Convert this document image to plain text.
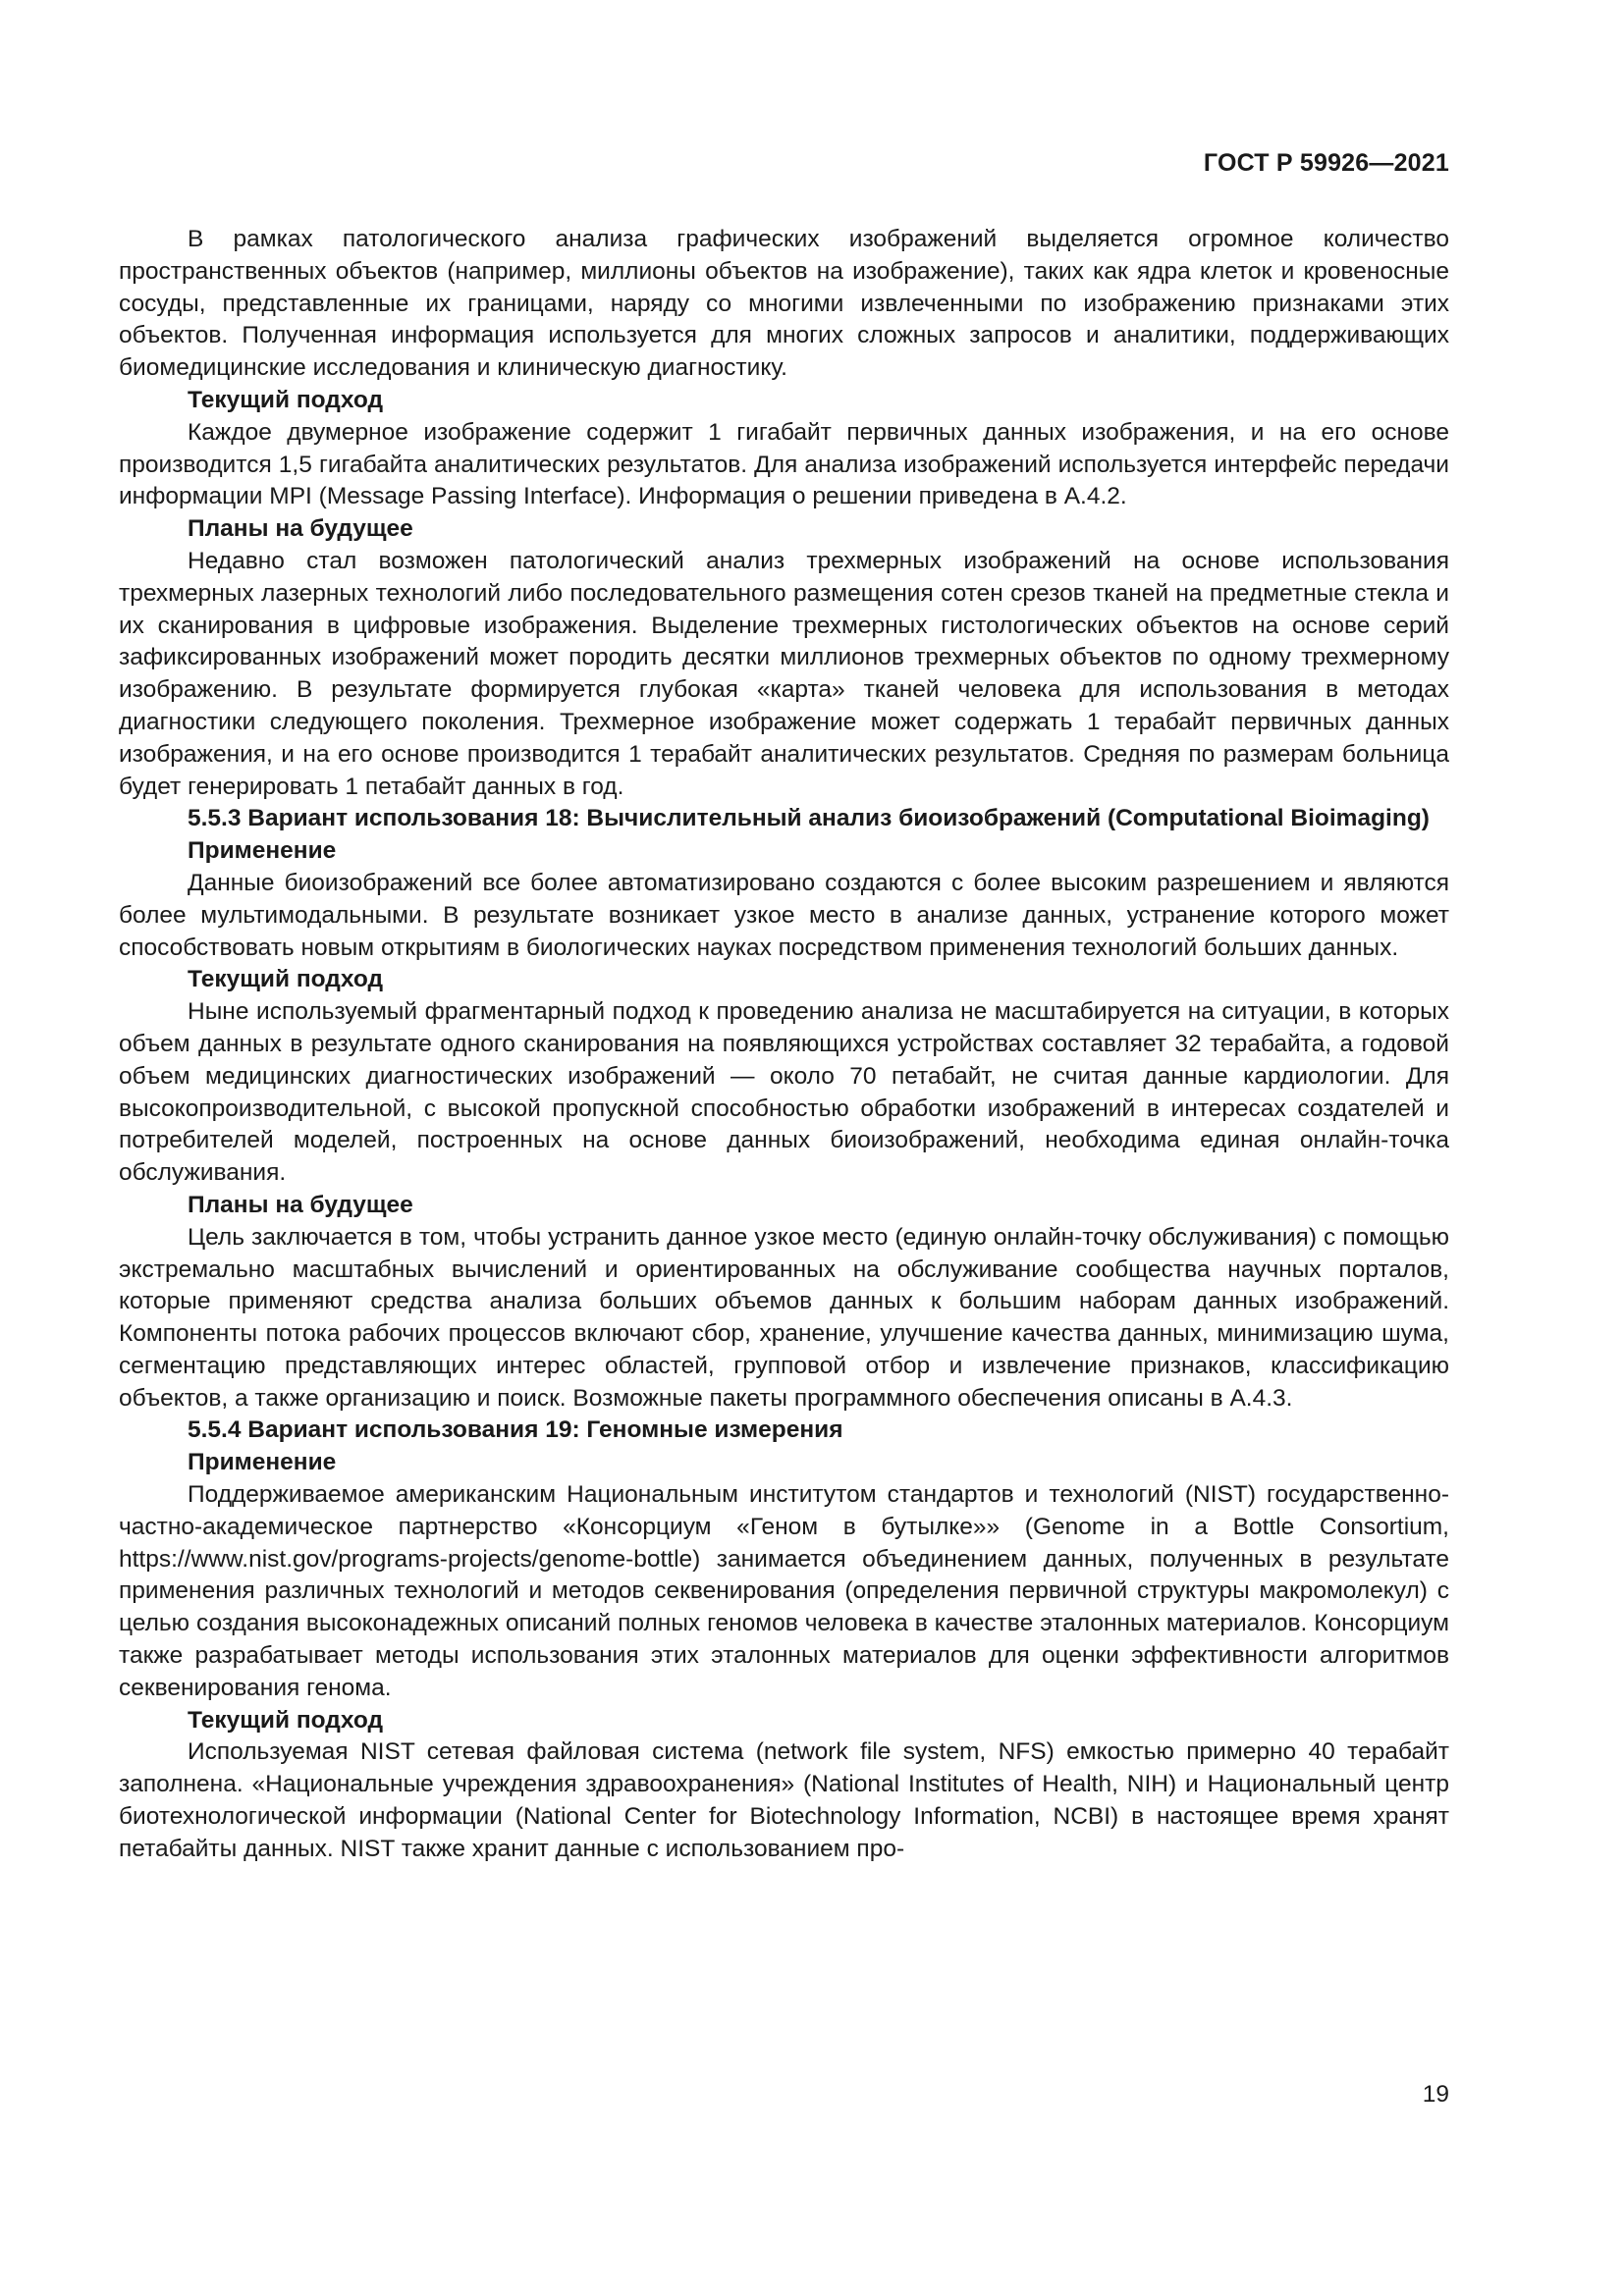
ГОСТ Р 59926—2021

В рамках патологического анализа графических изображений выделяется огромное количество пространственных объектов (например, миллионы объектов на изображение), таких как ядра клеток и кровеносные сосуды, представленные их границами, наряду со многими извлеченными по изображению признаками этих объектов. Полученная информация используется для многих сложных запросов и аналитики, поддерживающих биомедицинские исследования и клиническую диагностику.

Текущий подход

Каждое двумерное изображение содержит 1 гигабайт первичных данных изображения, и на его основе производится 1,5 гигабайта аналитических результатов. Для анализа изображений используется интерфейс передачи информации MPI (Message Passing Interface). Информация о решении приведена в А.4.2.

Планы на будущее

Недавно стал возможен патологический анализ трехмерных изображений на основе использования трехмерных лазерных технологий либо последовательного размещения сотен срезов тканей на предметные стекла и их сканирования в цифровые изображения. Выделение трехмерных гистологических объектов на основе серий зафиксированных изображений может породить десятки миллионов трехмерных объектов по одному трехмерному изображению. В результате формируется глубокая «карта» тканей человека для использования в методах диагностики следующего поколения. Трехмерное изображение может содержать 1 терабайт первичных данных изображения, и на его основе производится 1 терабайт аналитических результатов. Средняя по размерам больница будет генерировать 1 петабайт данных в год.

5.5.3 Вариант использования 18: Вычислительный анализ биоизображений (Computational Bioimaging)

Применение

Данные биоизображений все более автоматизировано создаются с более высоким разрешением и являются более мультимодальными. В результате возникает узкое место в анализе данных, устранение которого может способствовать новым открытиям в биологических науках посредством применения технологий больших данных.

Текущий подход

Ныне используемый фрагментарный подход к проведению анализа не масштабируется на ситуации, в которых объем данных в результате одного сканирования на появляющихся устройствах составляет 32 терабайта, а годовой объем медицинских диагностических изображений — около 70 петабайт, не считая данные кардиологии. Для высокопроизводительной, с высокой пропускной способностью обработки изображений в интересах создателей и потребителей моделей, построенных на основе данных биоизображений, необходима единая онлайн-точка обслуживания.

Планы на будущее

Цель заключается в том, чтобы устранить данное узкое место (единую онлайн-точку обслуживания) с помощью экстремально масштабных вычислений и ориентированных на обслуживание сообщества научных порталов, которые применяют средства анализа больших объемов данных к большим наборам данных изображений. Компоненты потока рабочих процессов включают сбор, хранение, улучшение качества данных, минимизацию шума, сегментацию представляющих интерес областей, групповой отбор и извлечение признаков, классификацию объектов, а также организацию и поиск. Возможные пакеты программного обеспечения описаны в А.4.3.

5.5.4 Вариант использования 19: Геномные измерения

Применение

Поддерживаемое американским Национальным институтом стандартов и технологий (NIST) государственно-частно-академическое партнерство «Консорциум «Геном в бутылке»» (Genome in a Bottle Consortium, https://www.nist.gov/programs-projects/genome-bottle) занимается объединением данных, полученных в результате применения различных технологий и методов секвенирования (определения первичной структуры макромолекул) с целью создания высоконадежных описаний полных геномов человека в качестве эталонных материалов. Консорциум также разрабатывает методы использования этих эталонных материалов для оценки эффективности алгоритмов секвенирования генома.

Текущий подход

Используемая NIST сетевая файловая система (network file system, NFS) емкостью примерно 40 терабайт заполнена. «Национальные учреждения здравоохранения» (National Institutes of Health, NIH) и Национальный центр биотехнологической информации (National Center for Biotechnology Information, NCBI) в настоящее время хранят петабайты данных. NIST также хранит данные с использованием про-

19
